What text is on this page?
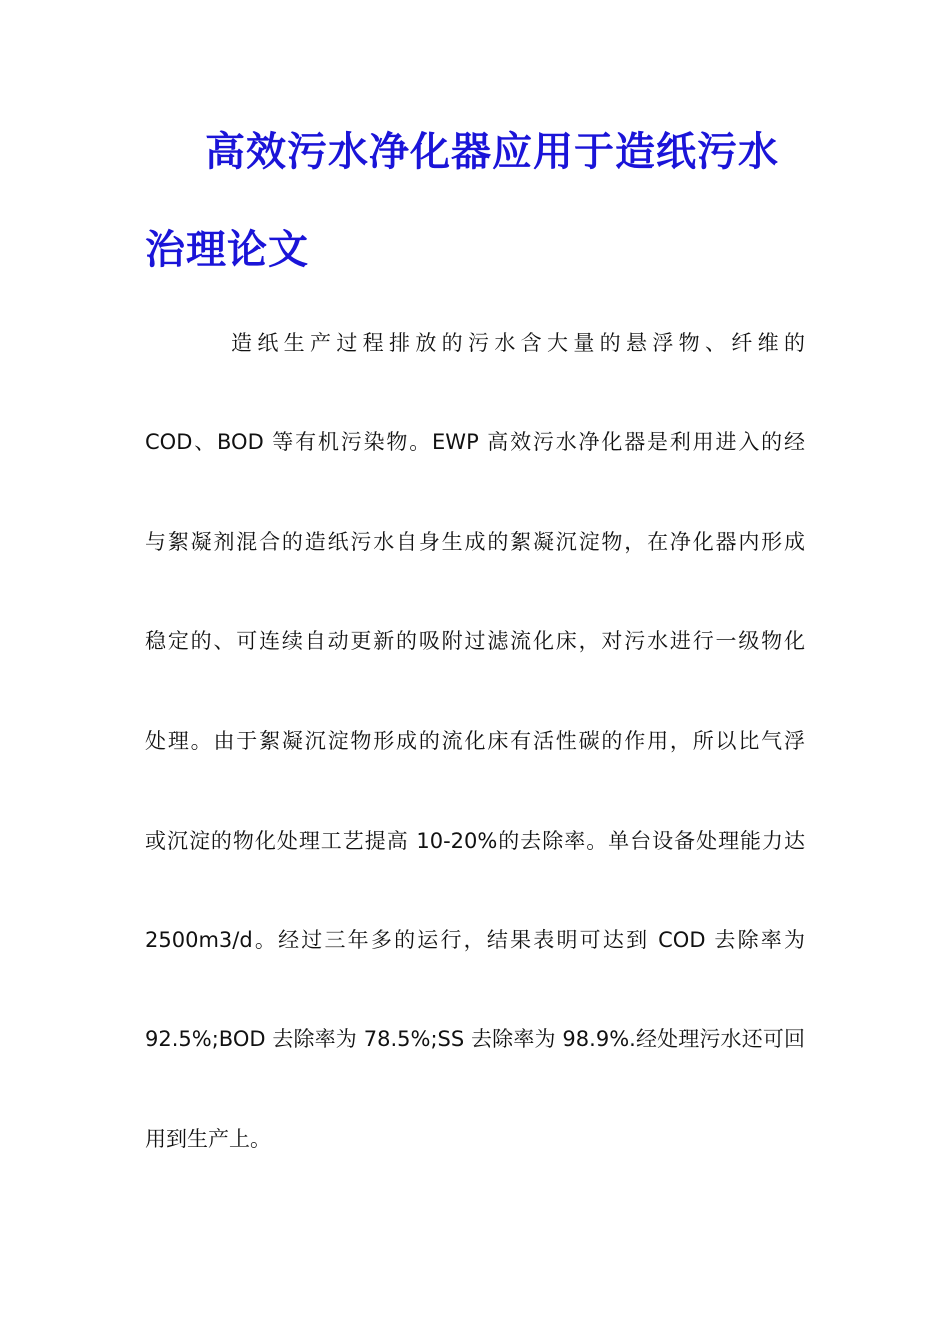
高效污水净化器应用于造纸污水
治理论文
造纸生产过程排放的污水含大量的悬浮物、纤维的
COD、BOD 等有机污染物。EWP 高效污水净化器是利用进入的经
与絮凝剂混合的造纸污水自身生成的絮凝沉淀物，在净化器内形成
稳定的、可连续自动更新的吸附过滤流化床，对污水进行一级物化
处理。由于絮凝沉淀物形成的流化床有活性碳的作用，所以比气浮
或沉淀的物化处理工艺提高 10-20%的去除率。单台设备处理能力达
2500m3/d。经过三年多的运行，结果表明可达到 COD 去除率为
92.5%;BOD 去除率为 78.5%;SS 去除率为 98.9%.经处理污水还可回
用到生产上。
